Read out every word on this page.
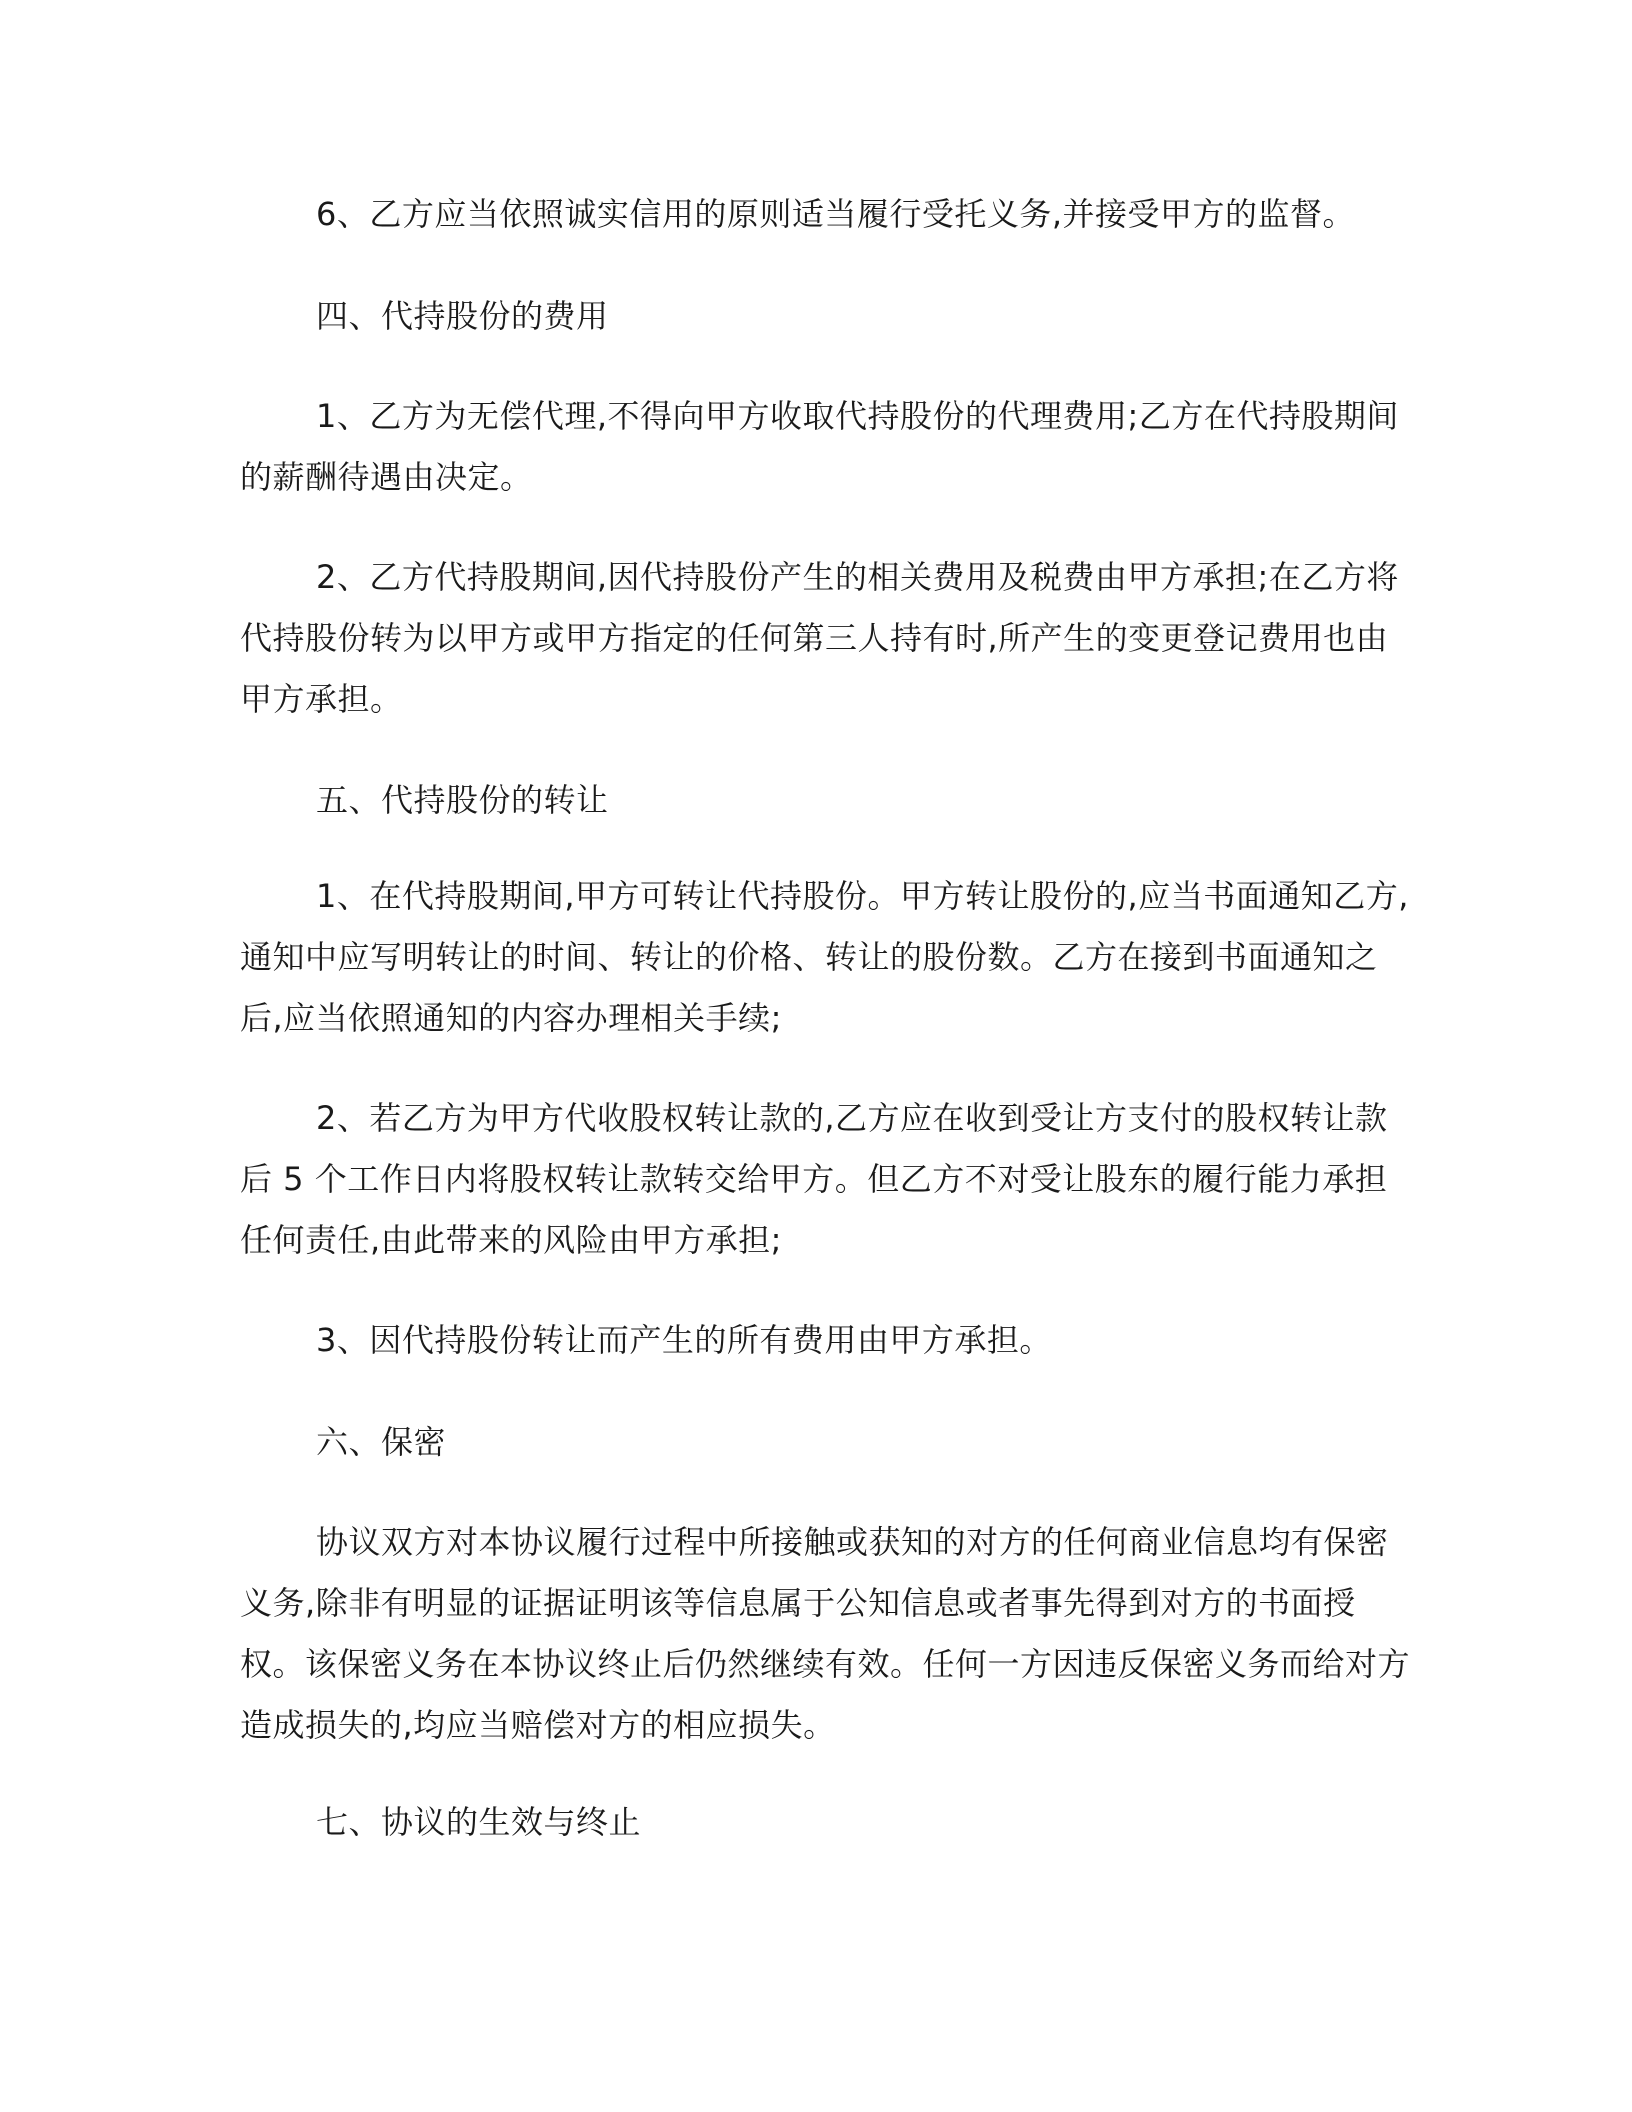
6、乙方应当依照诚实信用的原则适当履行受托义务,并接受甲方的监督。

四、代持股份的费用

1、乙方为无偿代理,不得向甲方收取代持股份的代理费用;乙方在代持股期间
的薪酬待遇由决定。

2、乙方代持股期间,因代持股份产生的相关费用及税费由甲方承担;在乙方将
代持股份转为以甲方或甲方指定的任何第三人持有时,所产生的变更登记费用也由
甲方承担。

五、代持股份的转让

1、在代持股期间,甲方可转让代持股份。甲方转让股份的,应当书面通知乙方,
通知中应写明转让的时间、转让的价格、转让的股份数。乙方在接到书面通知之
后,应当依照通知的内容办理相关手续;

2、若乙方为甲方代收股权转让款的,乙方应在收到受让方支付的股权转让款
后 5 个工作日内将股权转让款转交给甲方。但乙方不对受让股东的履行能力承担
任何责任,由此带来的风险由甲方承担;

3、因代持股份转让而产生的所有费用由甲方承担。

六、保密

协议双方对本协议履行过程中所接触或获知的对方的任何商业信息均有保密
义务,除非有明显的证据证明该等信息属于公知信息或者事先得到对方的书面授
权。该保密义务在本协议终止后仍然继续有效。任何一方因违反保密义务而给对方
造成损失的,均应当赔偿对方的相应损失。

七、协议的生效与终止
